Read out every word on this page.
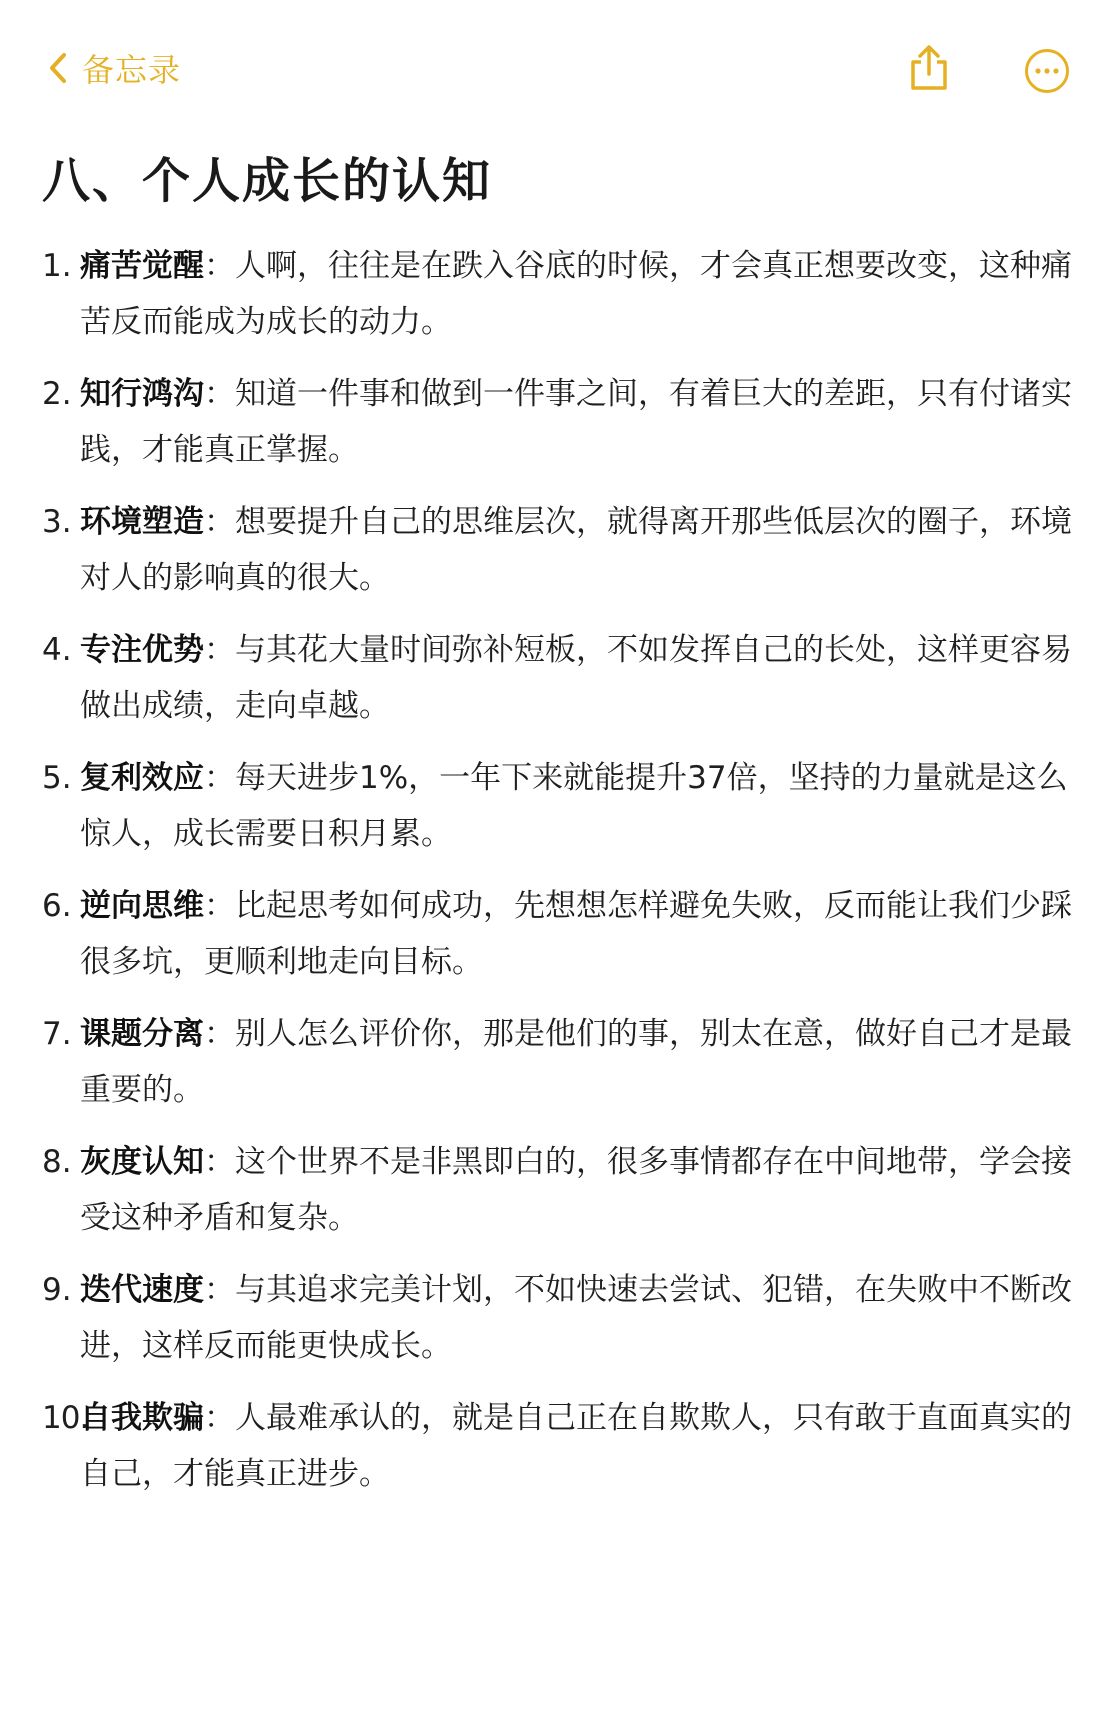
备忘录
八、个人成长的认知
1. 痛苦觉醒：人啊，往往是在跌入谷底的时候，才会真正想要改变，这种痛苦反而能成为成长的动力。
2. 知行鸿沟：知道一件事和做到一件事之间，有着巨大的差距，只有付诸实践，才能真正掌握。
3. 环境塑造：想要提升自己的思维层次，就得离开那些低层次的圈子，环境对人的影响真的很大。
4. 专注优势：与其花大量时间弥补短板，不如发挥自己的长处，这样更容易做出成绩，走向卓越。
5. 复利效应：每天进步1%，一年下来就能提升37倍，坚持的力量就是这么惊人，成长需要日积月累。
6. 逆向思维：比起思考如何成功，先想想怎样避免失败，反而能让我们少踩很多坑，更顺利地走向目标。
7. 课题分离：别人怎么评价你，那是他们的事，别太在意，做好自己才是最重要的。
8. 灰度认知：这个世界不是非黑即白的，很多事情都存在中间地带，学会接受这种矛盾和复杂。
9. 迭代速度：与其追求完美计划，不如快速去尝试、犯错，在失败中不断改进，这样反而能更快成长。
10.
自我欺骗：人最难承认的，就是自己正在自欺欺人，只有敢于直面真实的自己，才能真正进步。
